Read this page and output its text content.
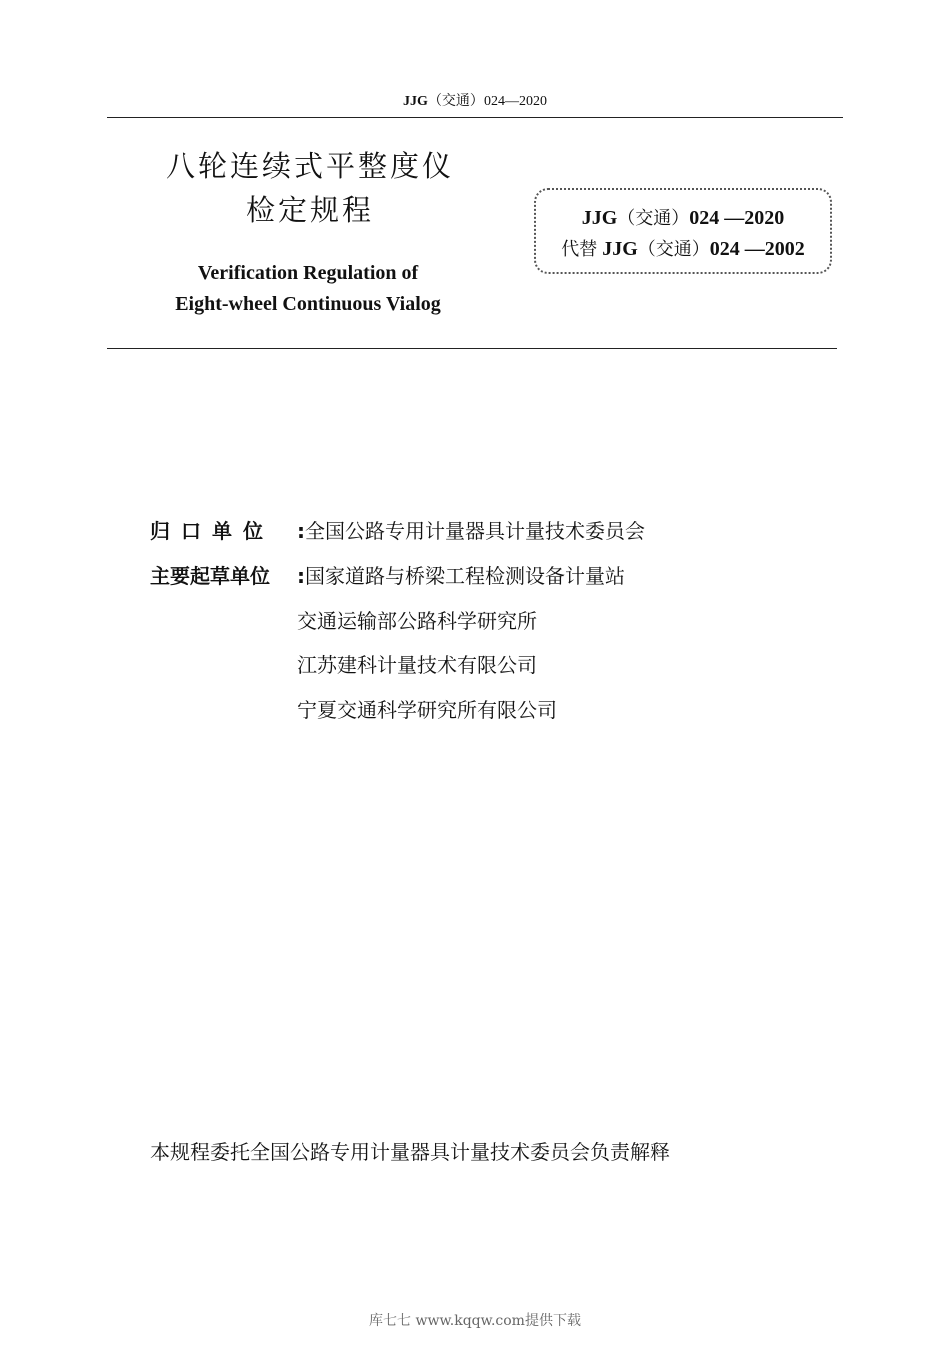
JJG（交通）024—2020
八轮连续式平整度仪
检定规程
Verification Regulation of
Eight-wheel Continuous Vialog
JJG（交通）024 —2020
代替 JJG（交通）024 —2002
归口单位 :全国公路专用计量器具计量技术委员会
主要起草单位 :国家道路与桥梁工程检测设备计量站
交通运输部公路科学研究所
江苏建科计量技术有限公司
宁夏交通科学研究所有限公司
本规程委托全国公路专用计量器具计量技术委员会负责解释
库七七 www.kqqw.com提供下载
